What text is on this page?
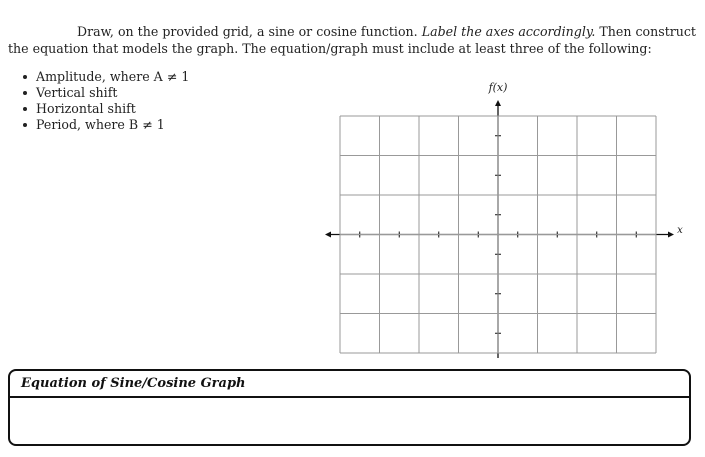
Draw, on the provided grid, a sine or cosine function. Label the axes accordingly. Then construct the equation that models the graph. The equation/graph must include at least three of the following:

Amplitude, where A ≠ 1
Vertical shift
Horizontal shift
Period, where B ≠ 1
f(x)
x
Equation of Sine/Cosine Graph
